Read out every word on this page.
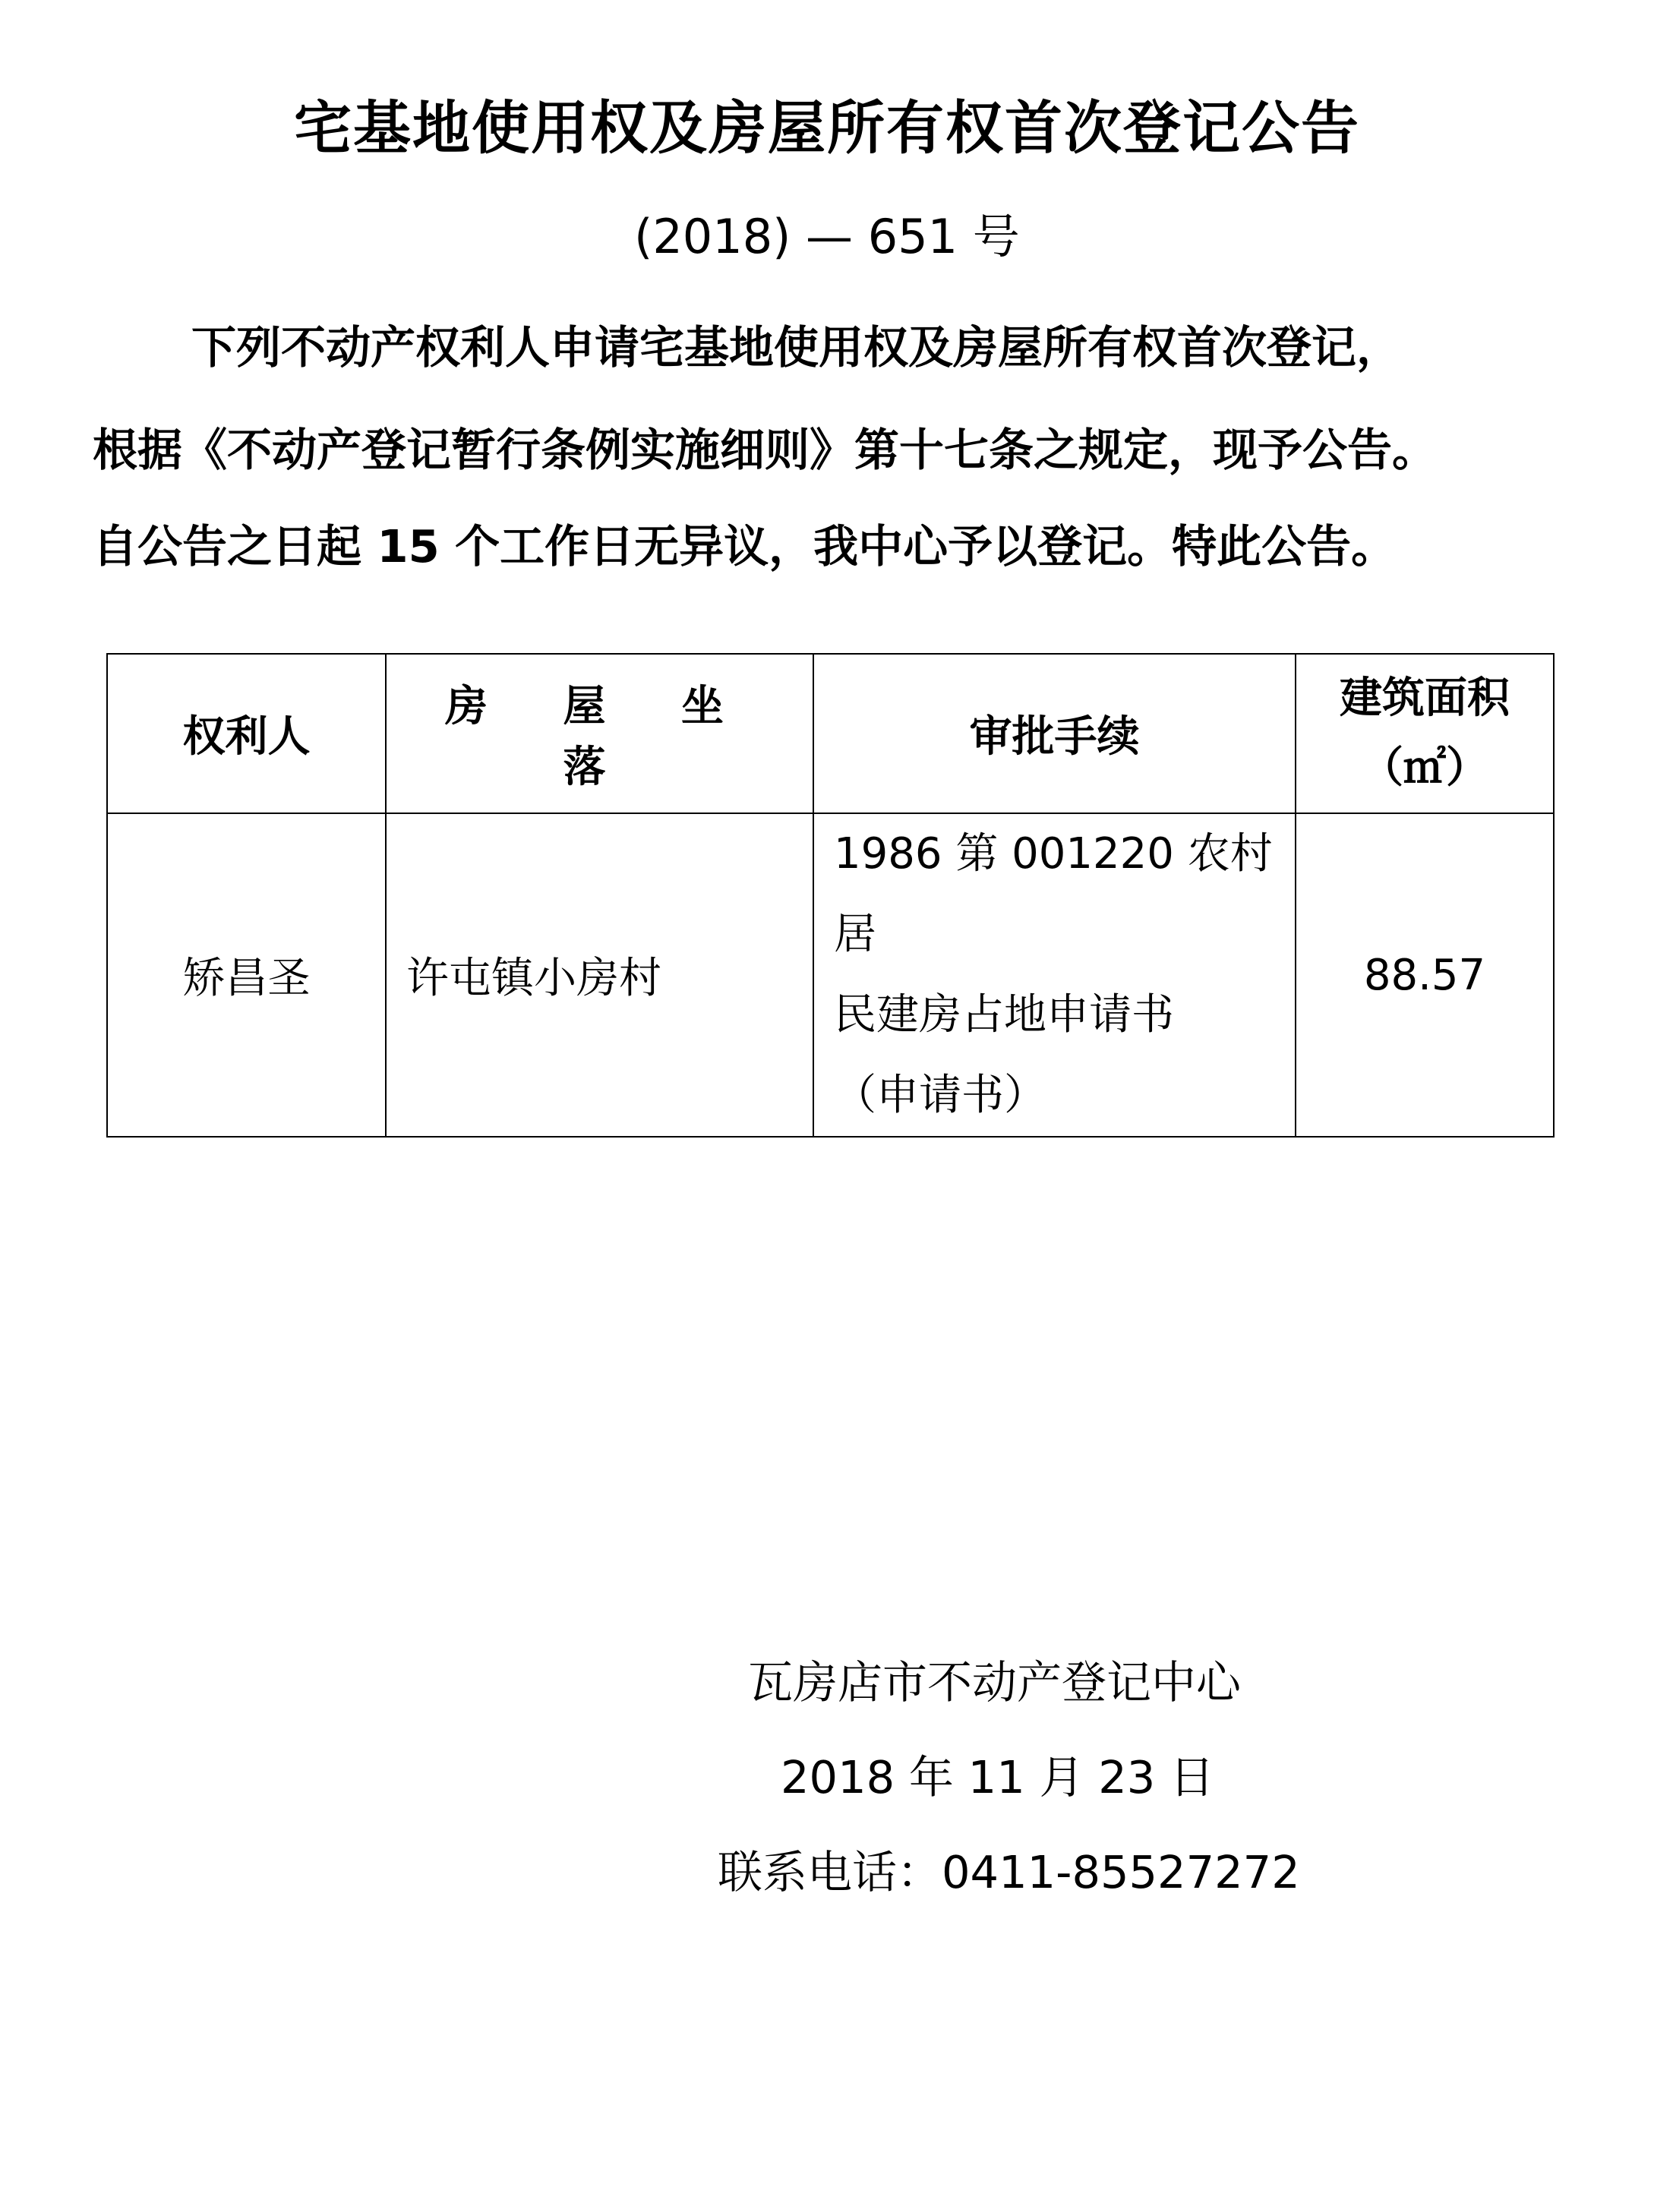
宅基地使用权及房屋所有权首次登记公告
(2018) — 651 号
下列不动产权利人申请宅基地使用权及房屋所有权首次登记，
根据《不动产登记暂行条例实施细则》第十七条之规定，现予公告。
自公告之日起 15 个工作日无异议，我中心予以登记。特此公告。
权利人	房 屋 坐 落	审批手续	建筑面积
（㎡）

矫昌圣	许屯镇小房村	1986 第 001220 农村居
民建房占地申请书
（申请书）	88.57
瓦房店市不动产登记中心
2018 年 11 月 23 日
联系电话：0411-85527272
